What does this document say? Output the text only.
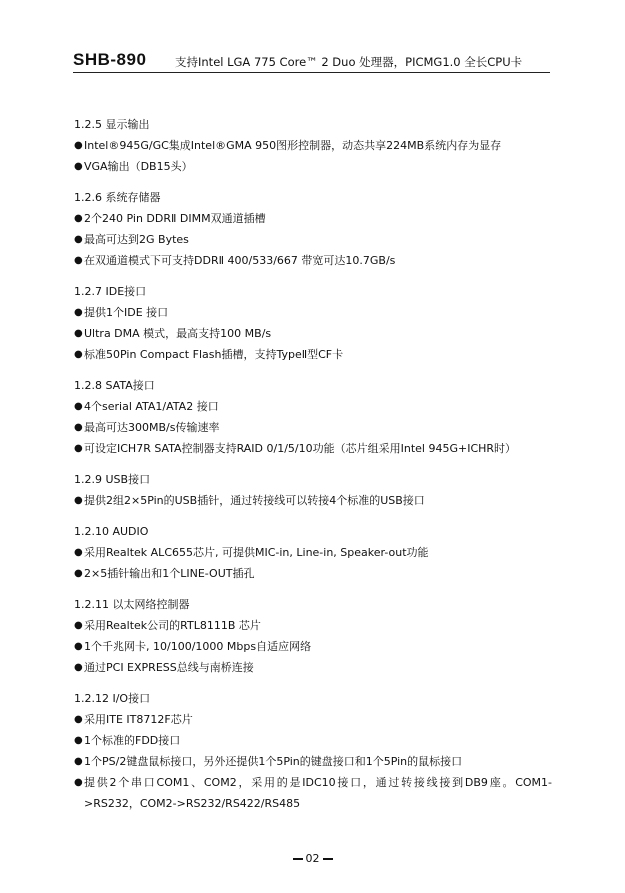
SHB-890 支持Intel LGA 775 Core™ 2 Duo 处理器，PICMG1.0 全长CPU卡
1.2.5 显示输出
● Intel®945G/GC集成Intel®GMA 950图形控制器，动态共享224MB系统内存为显存
● VGA输出（DB15头）
1.2.6 系统存储器
● 2个240 Pin DDRⅡ DIMM双通道插槽
● 最高可达到2G Bytes
● 在双通道模式下可支持DDRⅡ 400/533/667 带宽可达10.7GB/s
1.2.7 IDE接口
● 提供1个IDE 接口
● Ultra DMA 模式，最高支持100 MB/s
● 标准50Pin Compact Flash插槽，支持TypeⅡ型CF卡
1.2.8 SATA接口
● 4个serial ATA1/ATA2 接口
● 最高可达300MB/s传输速率
● 可设定ICH7R SATA控制器支持RAID 0/1/5/10功能（芯片组采用Intel 945G+ICHR时）
1.2.9 USB接口
● 提供2组2×5Pin的USB插针，通过转接线可以转接4个标准的USB接口
1.2.10 AUDIO
● 采用Realtek ALC655芯片, 可提供MIC-in, Line-in, Speaker-out功能
● 2×5插针输出和1个LINE-OUT插孔
1.2.11 以太网络控制器
● 采用Realtek公司的RTL8111B 芯片
● 1个千兆网卡, 10/100/1000 Mbps自适应网络
● 通过PCI EXPRESS总线与南桥连接
1.2.12 I/O接口
● 采用ITE IT8712F芯片
● 1个标准的FDD接口
● 1个PS/2键盘鼠标接口，另外还提供1个5Pin的键盘接口和1个5Pin的鼠标接口
● 提供2个串口COM1、COM2，采用的是IDC10接口，通过转接线接到DB9座。COM1->RS232，COM2->RS232/RS422/RS485
02
